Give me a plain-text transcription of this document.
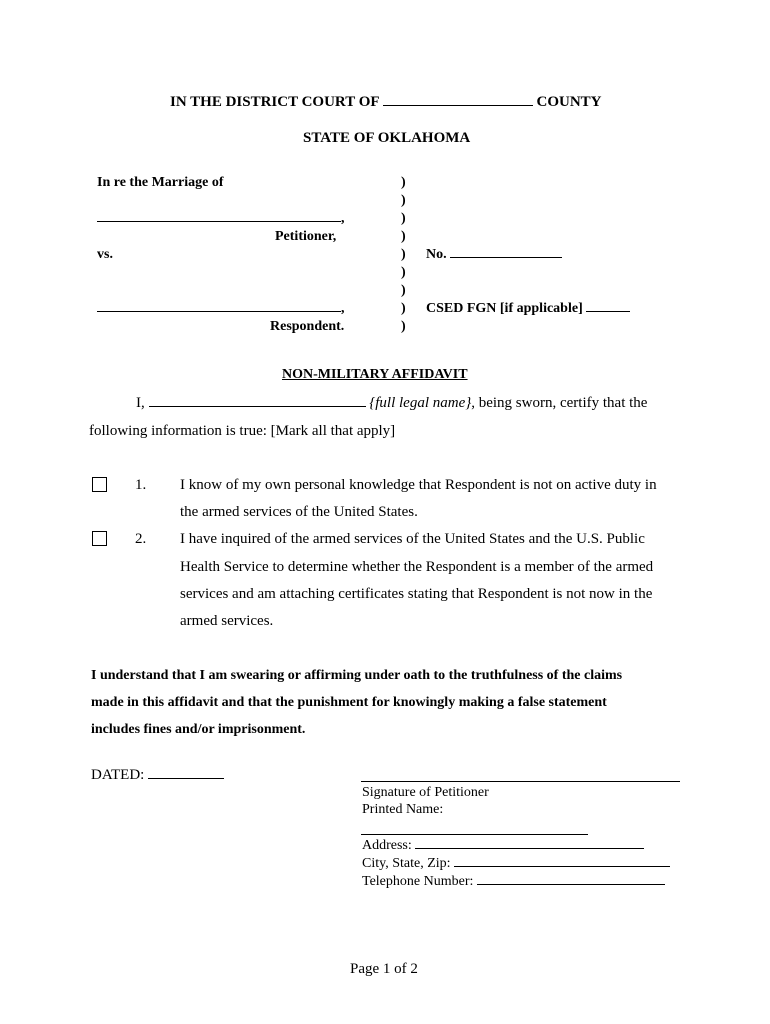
IN THE DISTRICT COURT OF	COUNTY
STATE OF OKLAHOMA
In re the Marriage of
,
Petitioner,
vs.
,
Respondent.
)
)
)
)
)
)
)
)
)
No.
CSED FGN [if applicable]
NON-MILITARY AFFIDAVIT
I,	{full legal name}, being sworn, certify that the
following information is true: [Mark all that apply]
1. I know of my own personal knowledge that Respondent is not on active duty in
the armed services of the United States.
2. I have inquired of the armed services of the United States and the U.S. Public
Health Service to determine whether the Respondent is a member of the armed
services and am attaching certificates stating that Respondent is not now in the
armed services.
I understand that I am swearing or affirming under oath to the truthfulness of the claims
made in this affidavit and that the punishment for knowingly making a false statement
includes fines and/or imprisonment.
DATED:
Signature of Petitioner
Printed Name:
Address:
City, State, Zip:
Telephone Number:
Page 1 of 2
